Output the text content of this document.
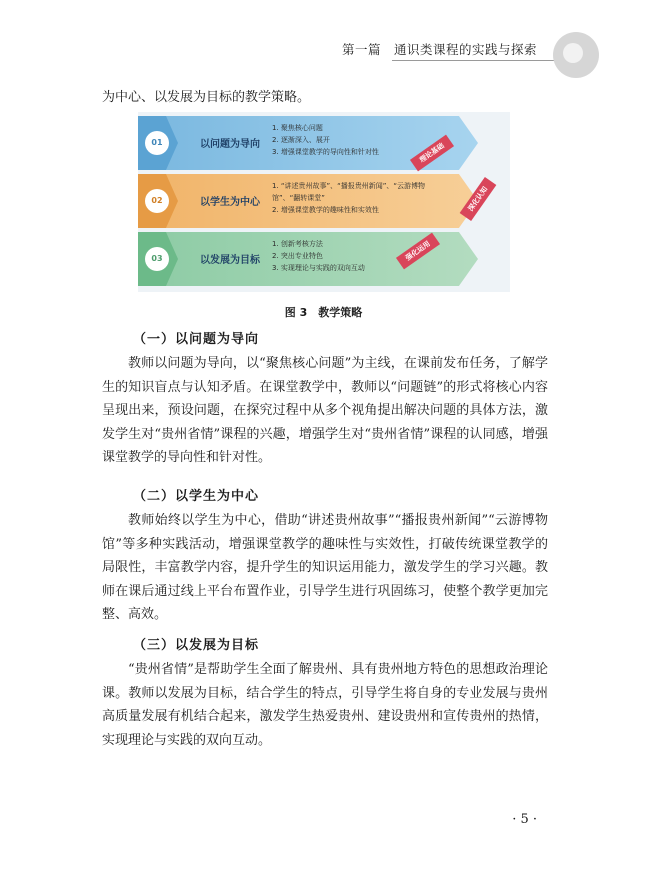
第一篇　通识类课程的实践与探索

为中心、以发展为目标的教学策略。

01	以问题为导向
1. 聚焦核心问题
2. 逐渐深入、展开
3. 增强课堂教学的导向性和针对性	理论基础
02	以学生为中心
1. “讲述贵州故事”、“播报贵州新闻”、“云游博物
馆”、“翻转课堂”
2. 增强课堂教学的趣味性和实效性	深化认知
03	以发展为目标
1. 创新考核方法
2. 突出专业特色
3. 实现理论与实践的双向互动
强化运用
图 3　教学策略
（一）以问题为导向

教师以问题为导向，以“聚焦核心问题”为主线，在课前发布任务，了解学生的知识盲点与认知矛盾。在课堂教学中，教师以“问题链”的形式将核心内容呈现出来，预设问题，在探究过程中从多个视角提出解决问题的具体方法，激发学生对“贵州省情”课程的兴趣，增强学生对“贵州省情”课程的认同感，增强课堂教学的导向性和针对性。

（二）以学生为中心

教师始终以学生为中心，借助“讲述贵州故事”“播报贵州新闻”“云游博物馆”等多种实践活动，增强课堂教学的趣味性与实效性，打破传统课堂教学的局限性，丰富教学内容，提升学生的知识运用能力，激发学生的学习兴趣。教师在课后通过线上平台布置作业，引导学生进行巩固练习，使整个教学更加完整、高效。

（三）以发展为目标

“贵州省情”是帮助学生全面了解贵州、具有贵州地方特色的思想政治理论课。教师以发展为目标，结合学生的特点，引导学生将自身的专业发展与贵州高质量发展有机结合起来，激发学生热爱贵州、建设贵州和宣传贵州的热情，实现理论与实践的双向互动。

· 5 ·
